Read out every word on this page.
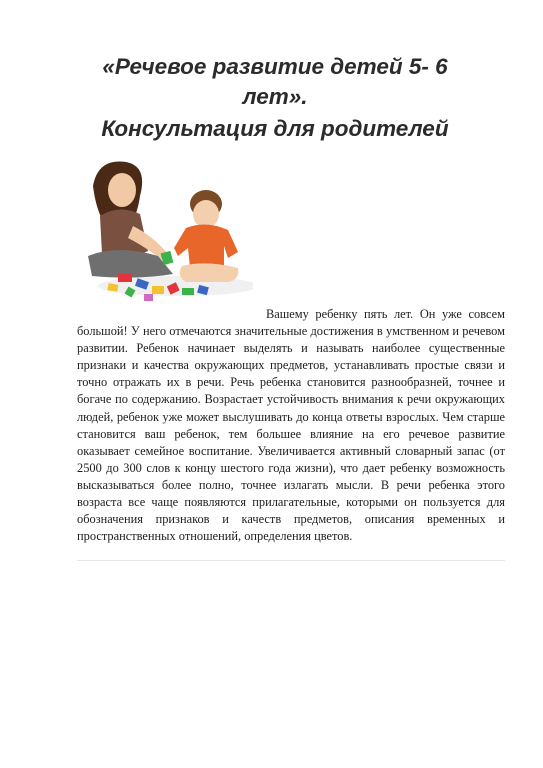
«Речевое развитие детей 5- 6
лет».
Консультация для родителей
Вашему ребенку пять лет. Он уже совсем большой! У него отмечаются значительные достижения в умственном и речевом развитии. Ребенок начинает выделять и называть наиболее существенные признаки и качества окружающих предметов, устанавливать простые связи и точно отражать их в речи. Речь ребенка становится разнообразней, точнее и богаче по содержанию. Возрастает устойчивость внимания к речи окружающих людей, ребенок уже может выслушивать до конца ответы взрослых. Чем старше становится ваш ребенок, тем большее влияние на его речевое развитие оказывает семейное воспитание. Увеличивается активный словарный запас (от 2500 до 300 слов к концу шестого года жизни), что дает ребенку возможность высказываться более полно, точнее излагать мысли. В речи ребенка этого возраста все чаще появляются прилагательные, которыми он пользуется для обозначения признаков и качеств предметов, описания временных и пространственных отношений, определения цветов.
